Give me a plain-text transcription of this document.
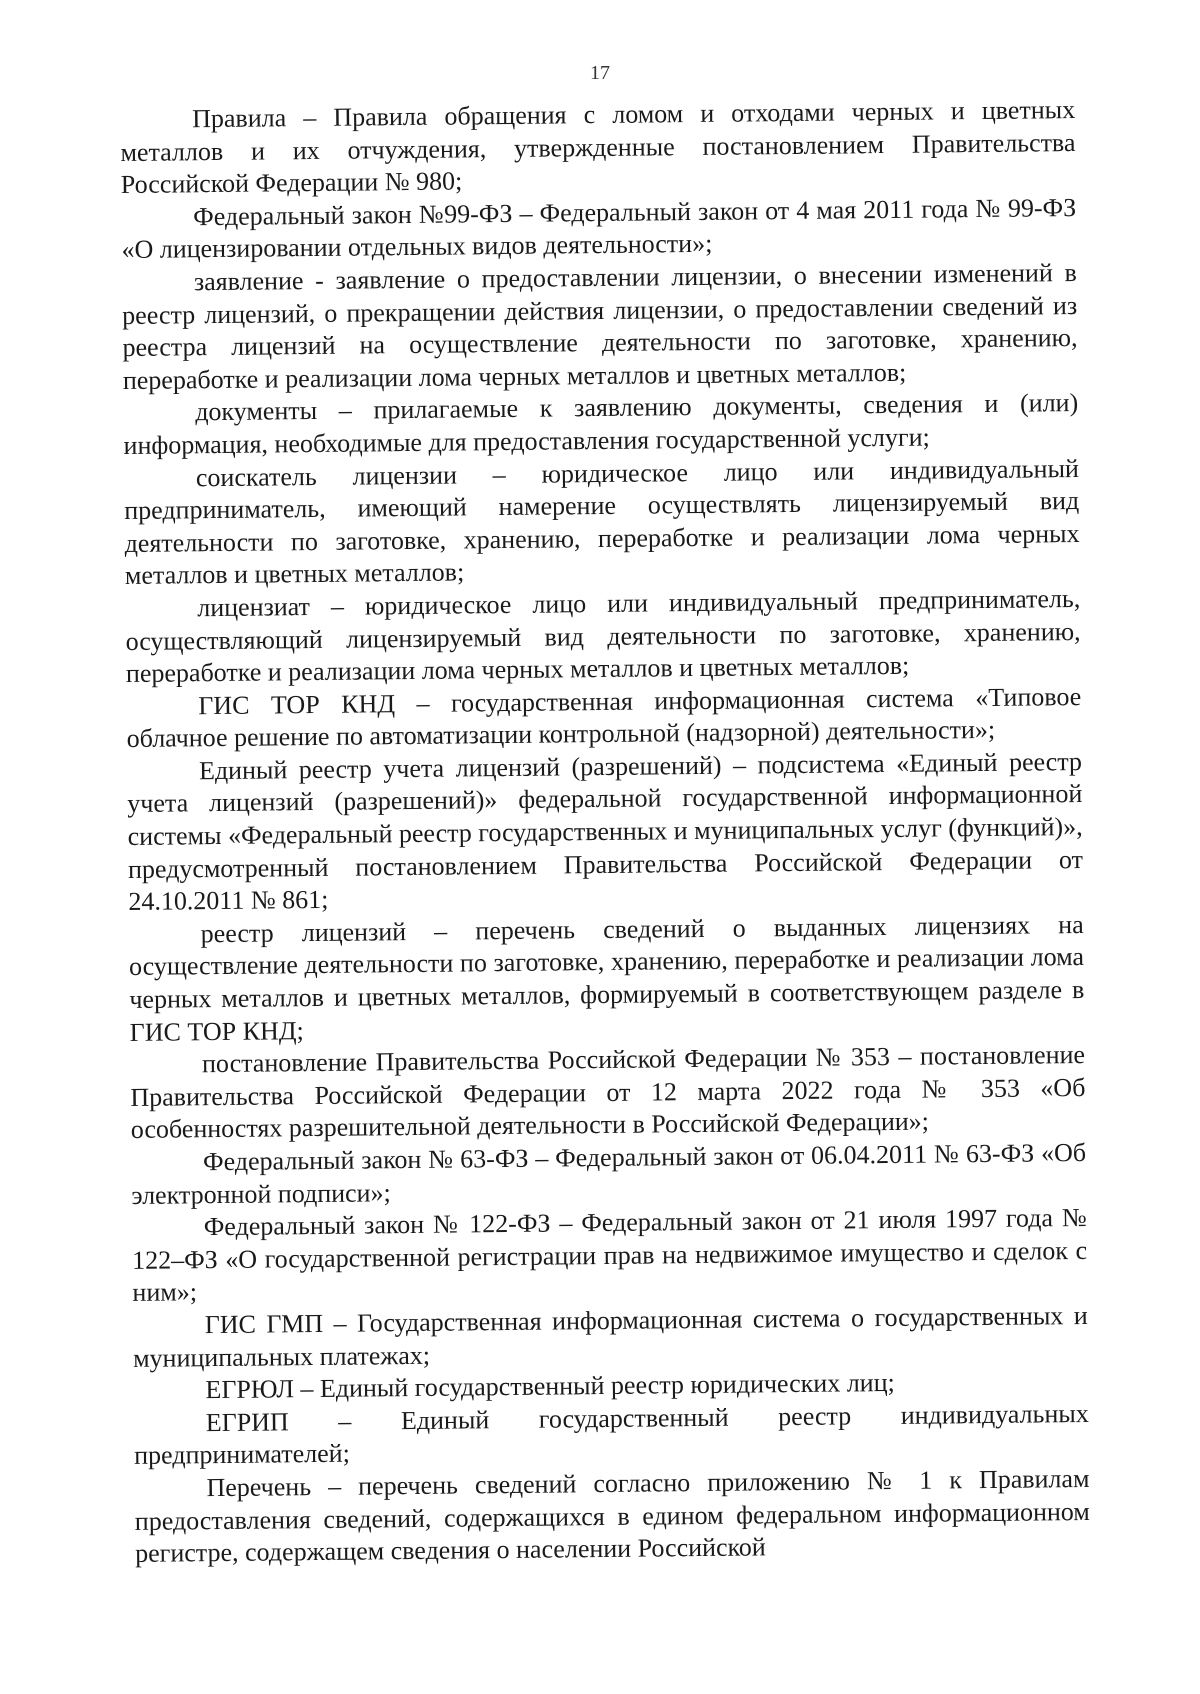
17

Правила – Правила обращения с ломом и отходами черных и цветных металлов и их отчуждения, утвержденные постановлением Правительства Российской Федерации № 980;

Федеральный закон №99-ФЗ – Федеральный закон от 4 мая 2011 года № 99-ФЗ «О лицензировании отдельных видов деятельности»;

заявление - заявление о предоставлении лицензии, о внесении изменений в реестр лицензий, о прекращении действия лицензии, о предоставлении сведений из реестра лицензий на осуществление деятельности по заготовке, хранению, переработке и реализации лома черных металлов и цветных металлов;

документы – прилагаемые к заявлению документы, сведения и (или) информация, необходимые для предоставления государственной услуги;

соискатель лицензии – юридическое лицо или индивидуальный предприниматель, имеющий намерение осуществлять лицензируемый вид деятельности по заготовке, хранению, переработке и реализации лома черных металлов и цветных металлов;

лицензиат – юридическое лицо или индивидуальный предприниматель, осуществляющий лицензируемый вид деятельности по заготовке, хранению, переработке и реализации лома черных металлов и цветных металлов;

ГИС ТОР КНД – государственная информационная система «Типовое облачное решение по автоматизации контрольной (надзорной) деятельности»;

Единый реестр учета лицензий (разрешений) – подсистема «Единый реестр учета лицензий (разрешений)» федеральной государственной информационной системы «Федеральный реестр государственных и муниципальных услуг (функций)», предусмотренный постановлением Правительства Российской Федерации от 24.10.2011 № 861;

реестр лицензий – перечень сведений о выданных лицензиях на осуществление деятельности по заготовке, хранению, переработке и реализации лома черных металлов и цветных металлов, формируемый в соответствующем разделе в ГИС ТОР КНД;

постановление Правительства Российской Федерации № 353 – постановление Правительства Российской Федерации от 12 марта 2022 года № 353 «Об особенностях разрешительной деятельности в Российской Федерации»;

Федеральный закон № 63-ФЗ – Федеральный закон от 06.04.2011 № 63-ФЗ «Об электронной подписи»;

Федеральный закон № 122-ФЗ – Федеральный закон от 21 июля 1997 года № 122–ФЗ «О государственной регистрации прав на недвижимое имущество и сделок с ним»;

ГИС ГМП – Государственная информационная система о государственных и муниципальных платежах;

ЕГРЮЛ – Единый государственный реестр юридических лиц;

ЕГРИП – Единый государственный реестр индивидуальных предпринимателей;

Перечень – перечень сведений согласно приложению № 1 к Правилам предоставления сведений, содержащихся в едином федеральном информационном регистре, содержащем сведения о населении Российской
